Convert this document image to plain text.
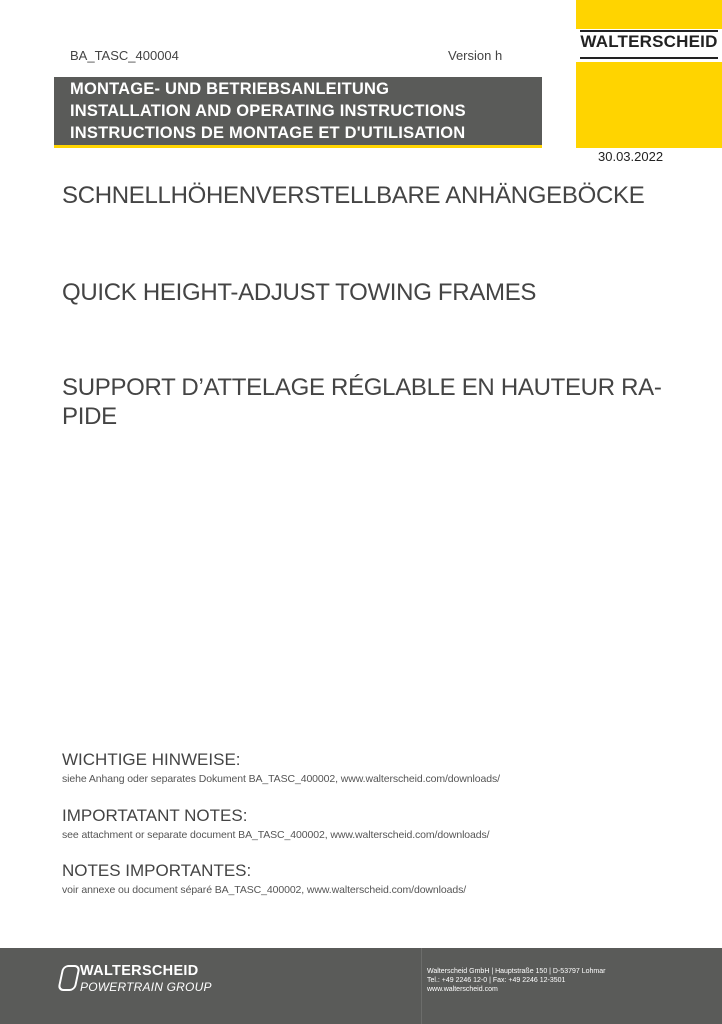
BA_TASC_400004	Version h
WALTERSCHEID
MONTAGE- UND BETRIEBSANLEITUNG
INSTALLATION AND OPERATING INSTRUCTIONS
INSTRUCTIONS DE MONTAGE ET D'UTILISATION
30.03.2022
SCHNELLHÖHENVERSTELLBARE ANHÄNGEBÖCKE
QUICK HEIGHT-ADJUST TOWING FRAMES
SUPPORT D’ATTELAGE RÉGLABLE EN HAUTEUR RA-PIDE
WICHTIGE HINWEISE:
siehe Anhang oder separates Dokument BA_TASC_400002, www.walterscheid.com/downloads/
IMPORTATANT NOTES:
see attachment or separate document BA_TASC_400002, www.walterscheid.com/downloads/
NOTES IMPORTANTES:
voir annexe ou document séparé BA_TASC_400002, www.walterscheid.com/downloads/
WALTERSCHEID
POWERTRAIN GROUP
Walterscheid GmbH | Hauptstraße 150 | D-53797 Lohmar
Tel.: +49 2246 12-0 | Fax: +49 2246 12-3501
www.walterscheid.com
